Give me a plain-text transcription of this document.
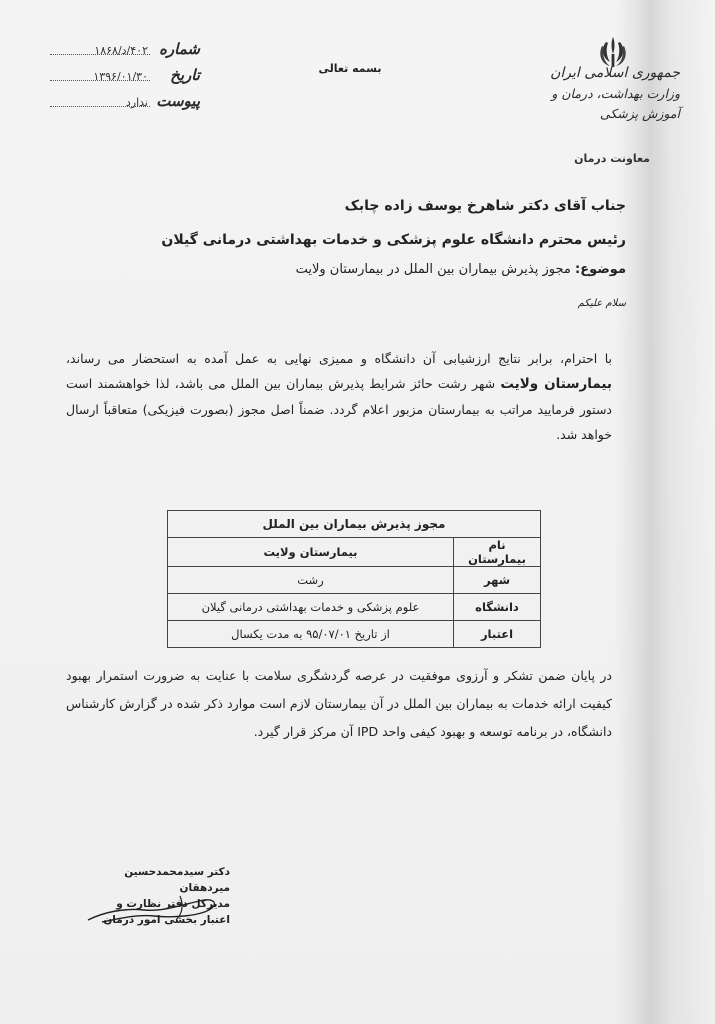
جمهوری اسلامی ایران
وزارت بهداشت، درمان و آموزش پزشکی
معاونت درمان
بسمه تعالی
شماره
۴۰۲/د/۱۸۶۸
تاریخ
۱۳۹۶/۰۱/۳۰
پیوست
ندارد

جناب آقای دکتر شاهرخ یوسف زاده چابک

رئیس محترم دانشگاه علوم پزشکی و خدمات بهداشتی درمانی گیلان

موضوع: مجوز پذیرش بیماران بین الملل در بیمارستان ولایت

سلام علیکم
با احترام، برابر نتایج ارزشیابی آن دانشگاه و ممیزی نهایی به عمل آمده به استحضار می رساند، بیمارستان ولایت شهر رشت حائز شرایط پذیرش بیماران بین الملل می باشد، لذا خواهشمند است دستور فرمایید مراتب به بیمارستان مزبور اعلام گردد. ضمناً اصل مجوز (بصورت فیزیکی) متعاقباً ارسال خواهد شد.
مجوز پذیرش بیماران بین الملل	
نام بیمارستان	بیمارستان ولایت
شهر	رشت
دانشگاه	علوم پزشکی و خدمات بهداشتی درمانی گیلان
اعتبار	از تاریخ ۹۵/۰۷/۰۱ به مدت یکسال
در پایان ضمن تشکر و آرزوی موفقیت در عرصه گردشگری سلامت با عنایت به ضرورت استمرار بهبود کیفیت ارائه خدمات به بیماران بین الملل در آن بیمارستان لازم است موارد ذکر شده در گزارش کارشناس دانشگاه، در برنامه توسعه و بهبود کیفی واحد IPD آن مرکز قرار گیرد.

دکتر سیدمحمدحسین میردهقان

مدیرکل دفتر نظارت و

اعتبار بخشی امور درمان
